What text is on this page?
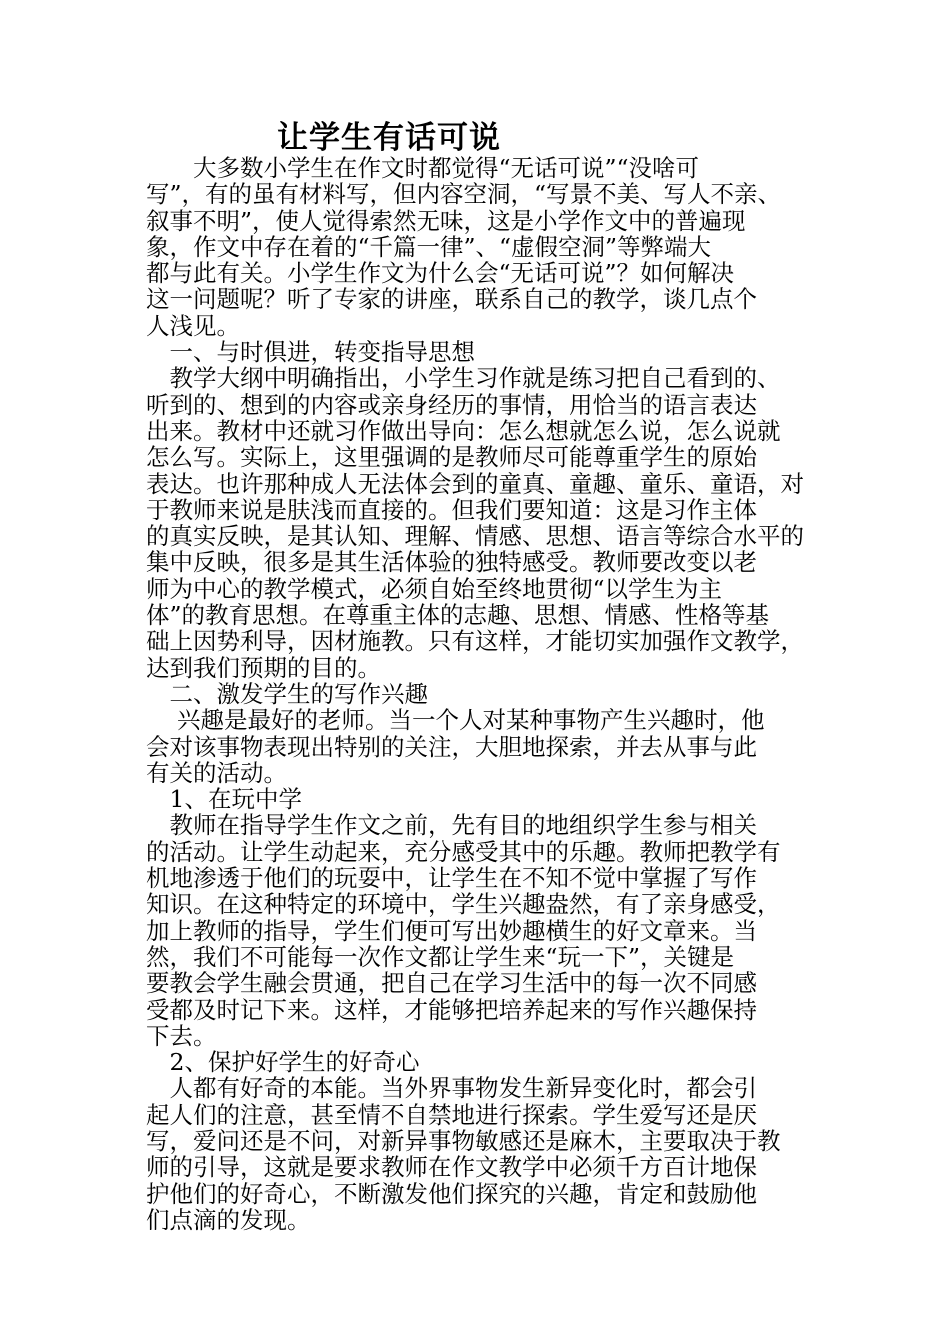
让学生有话可说
　　大多数小学生在作文时都觉得“无话可说”“没啥可
写”，有的虽有材料写，但内容空洞，“写景不美、写人不亲、
叙事不明”，使人觉得索然无味，这是小学作文中的普遍现
象，作文中存在着的“千篇一律”、“虚假空洞”等弊端大
都与此有关。小学生作文为什么会“无话可说”？如何解决
这一问题呢？听了专家的讲座，联系自己的教学，谈几点个
人浅见。
　一、与时俱进，转变指导思想
　教学大纲中明确指出，小学生习作就是练习把自己看到的、
听到的、想到的内容或亲身经历的事情，用恰当的语言表达
出来。教材中还就习作做出导向：怎么想就怎么说，怎么说就
怎么写。实际上，这里强调的是教师尽可能尊重学生的原始
表达。也许那种成人无法体会到的童真、童趣、童乐、童语，对
于教师来说是肤浅而直接的。但我们要知道：这是习作主体
的真实反映，是其认知、理解、情感、思想、语言等综合水平的
集中反映，很多是其生活体验的独特感受。教师要改变以老
师为中心的教学模式，必须自始至终地贯彻“以学生为主
体”的教育思想。在尊重主体的志趣、思想、情感、性格等基
础上因势利导，因材施教。只有这样，才能切实加强作文教学，
达到我们预期的目的。
　二、激发学生的写作兴趣
　 兴趣是最好的老师。当一个人对某种事物产生兴趣时，他
会对该事物表现出特别的关注，大胆地探索，并去从事与此
有关的活动。
　1、在玩中学
　教师在指导学生作文之前，先有目的地组织学生参与相关
的活动。让学生动起来，充分感受其中的乐趣。教师把教学有
机地渗透于他们的玩耍中，让学生在不知不觉中掌握了写作
知识。在这种特定的环境中，学生兴趣盎然，有了亲身感受，
加上教师的指导，学生们便可写出妙趣横生的好文章来。当
然，我们不可能每一次作文都让学生来“玩一下”，关键是
要教会学生融会贯通，把自己在学习生活中的每一次不同感
受都及时记下来。这样，才能够把培养起来的写作兴趣保持
下去。
　2、保护好学生的好奇心
　人都有好奇的本能。当外界事物发生新异变化时，都会引
起人们的注意，甚至情不自禁地进行探索。学生爱写还是厌
写，爱问还是不问，对新异事物敏感还是麻木，主要取决于教
师的引导，这就是要求教师在作文教学中必须千方百计地保
护他们的好奇心，不断激发他们探究的兴趣，肯定和鼓励他
们点滴的发现。
